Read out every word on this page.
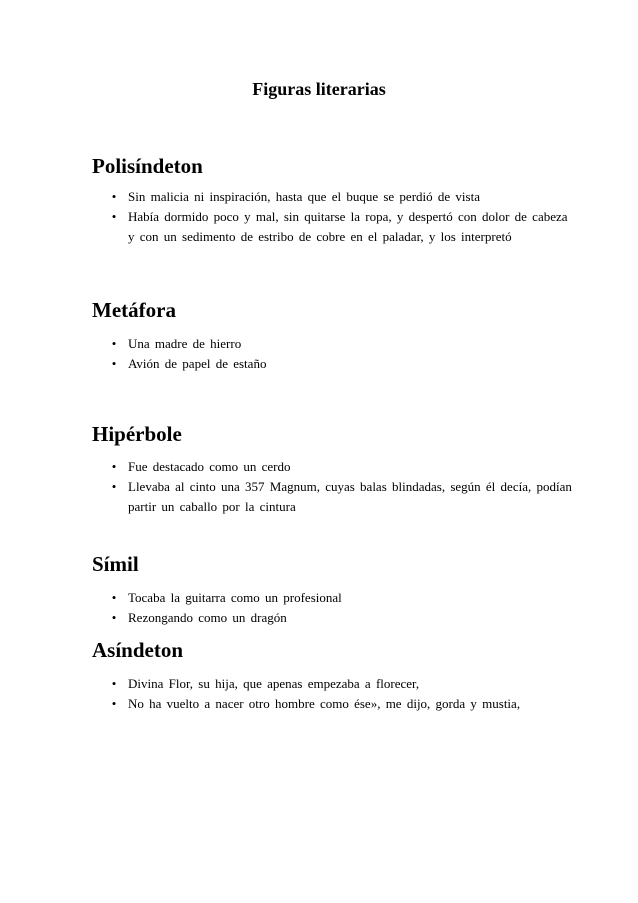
Figuras literarias
Polisíndeton
• Sin malicia ni inspiración, hasta que el buque se perdió de vista
• Había dormido poco y mal, sin quitarse la ropa, y despertó con dolor de cabeza y con un sedimento de estribo de cobre en el paladar, y los interpretó
Metáfora
• Una madre de hierro
• Avión de papel de estaño
Hipérbole
• Fue destacado como un cerdo
• Llevaba al cinto una 357 Magnum, cuyas balas blindadas, según él decía, podían partir un caballo por la cintura
Símil
• Tocaba la guitarra como un profesional
• Rezongando como un dragón
Asíndeton
• Divina Flor, su hija, que apenas empezaba a florecer,
• No ha vuelto a nacer otro hombre como ése», me dijo, gorda y mustia,
